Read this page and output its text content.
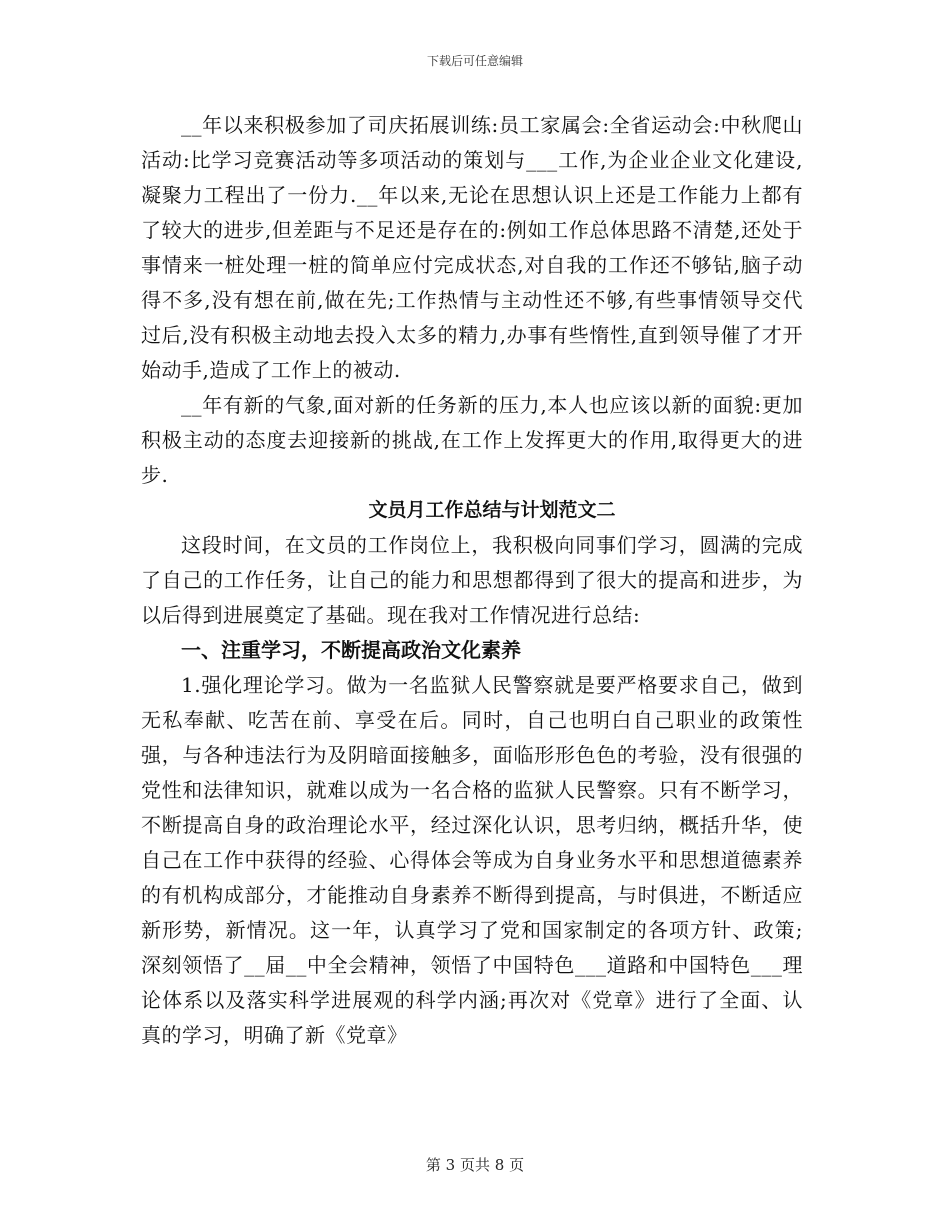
下载后可任意编辑

__年以来积极参加了司庆拓展训练:员工家属会:全省运动会:中秋爬山活动:比学习竞赛活动等多项活动的策划与___工作,为企业企业文化建设,凝聚力工程出了一份力.__年以来,无论在思想认识上还是工作能力上都有了较大的进步,但差距与不足还是存在的:例如工作总体思路不清楚,还处于事情来一桩处理一桩的简单应付完成状态,对自我的工作还不够钻,脑子动得不多,没有想在前,做在先;工作热情与主动性还不够,有些事情领导交代过后,没有积极主动地去投入太多的精力,办事有些惰性,直到领导催了才开始动手,造成了工作上的被动.

__年有新的气象,面对新的任务新的压力,本人也应该以新的面貌:更加积极主动的态度去迎接新的挑战,在工作上发挥更大的作用,取得更大的进步.

文员月工作总结与计划范文二

这段时间，在文员的工作岗位上，我积极向同事们学习，圆满的完成了自己的工作任务，让自己的能力和思想都得到了很大的提高和进步，为以后得到进展奠定了基础。现在我对工作情况进行总结:

一、注重学习，不断提高政治文化素养

1.强化理论学习。做为一名监狱人民警察就是要严格要求自己，做到无私奉献、吃苦在前、享受在后。同时，自己也明白自己职业的政策性强，与各种违法行为及阴暗面接触多，面临形形色色的考验，没有很强的党性和法律知识，就难以成为一名合格的监狱人民警察。只有不断学习，不断提高自身的政治理论水平，经过深化认识，思考归纳，概括升华，使自己在工作中获得的经验、心得体会等成为自身业务水平和思想道德素养的有机构成部分，才能推动自身素养不断得到提高，与时俱进，不断适应新形势，新情况。这一年，认真学习了党和国家制定的各项方针、政策;深刻领悟了__届__中全会精神，领悟了中国特色___道路和中国特色___理论体系以及落实科学进展观的科学内涵;再次对《党章》进行了全面、认真的学习，明确了新《党章》

第 3 页共 8 页
